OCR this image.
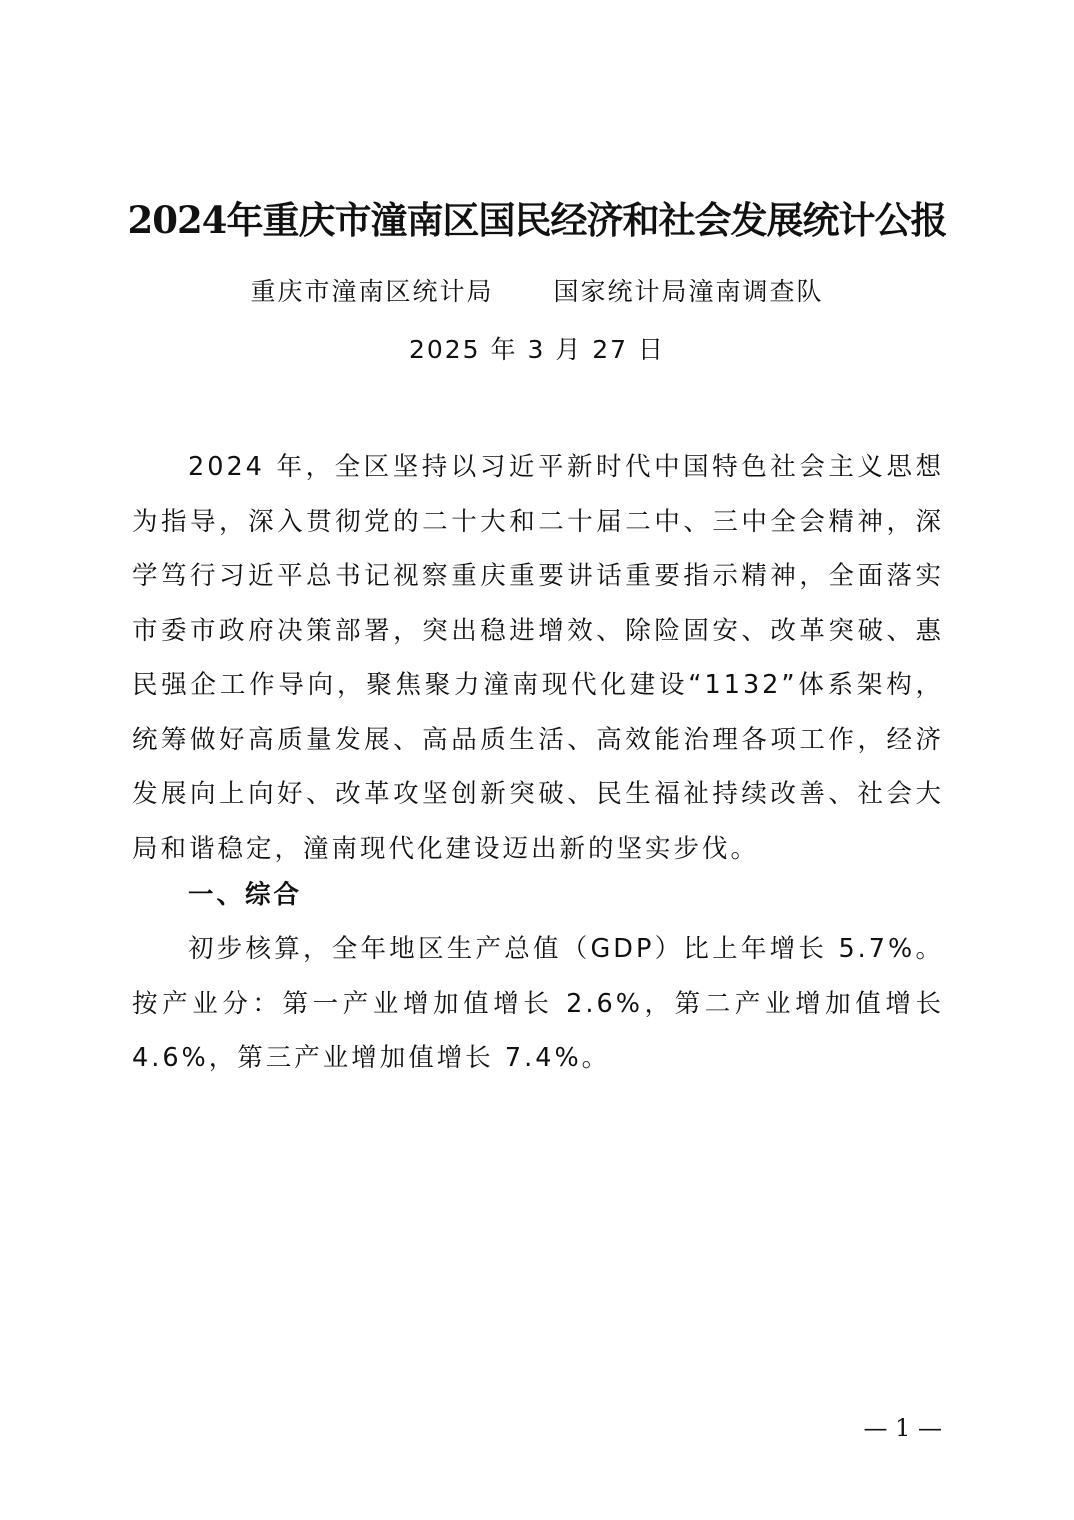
2024年重庆市潼南区国民经济和社会发展统计公报
重庆市潼南区统计局 国家统计局潼南调查队
2025 年 3 月 27 日

2024 年，全区坚持以习近平新时代中国特色社会主义思想为指导，深入贯彻党的二十大和二十届二中、三中全会精神，深学笃行习近平总书记视察重庆重要讲话重要指示精神，全面落实市委市政府决策部署，突出稳进增效、除险固安、改革突破、惠民强企工作导向，聚焦聚力潼南现代化建设“1132”体系架构，统筹做好高质量发展、高品质生活、高效能治理各项工作，经济发展向上向好、改革攻坚创新突破、民生福祉持续改善、社会大局和谐稳定，潼南现代化建设迈出新的坚实步伐。

一、综合

初步核算，全年地区生产总值（GDP）比上年增长 5.7%。按产业分：第一产业增加值增长 2.6%，第二产业增加值增长 4.6%，第三产业增加值增长 7.4%。

— 1 —
